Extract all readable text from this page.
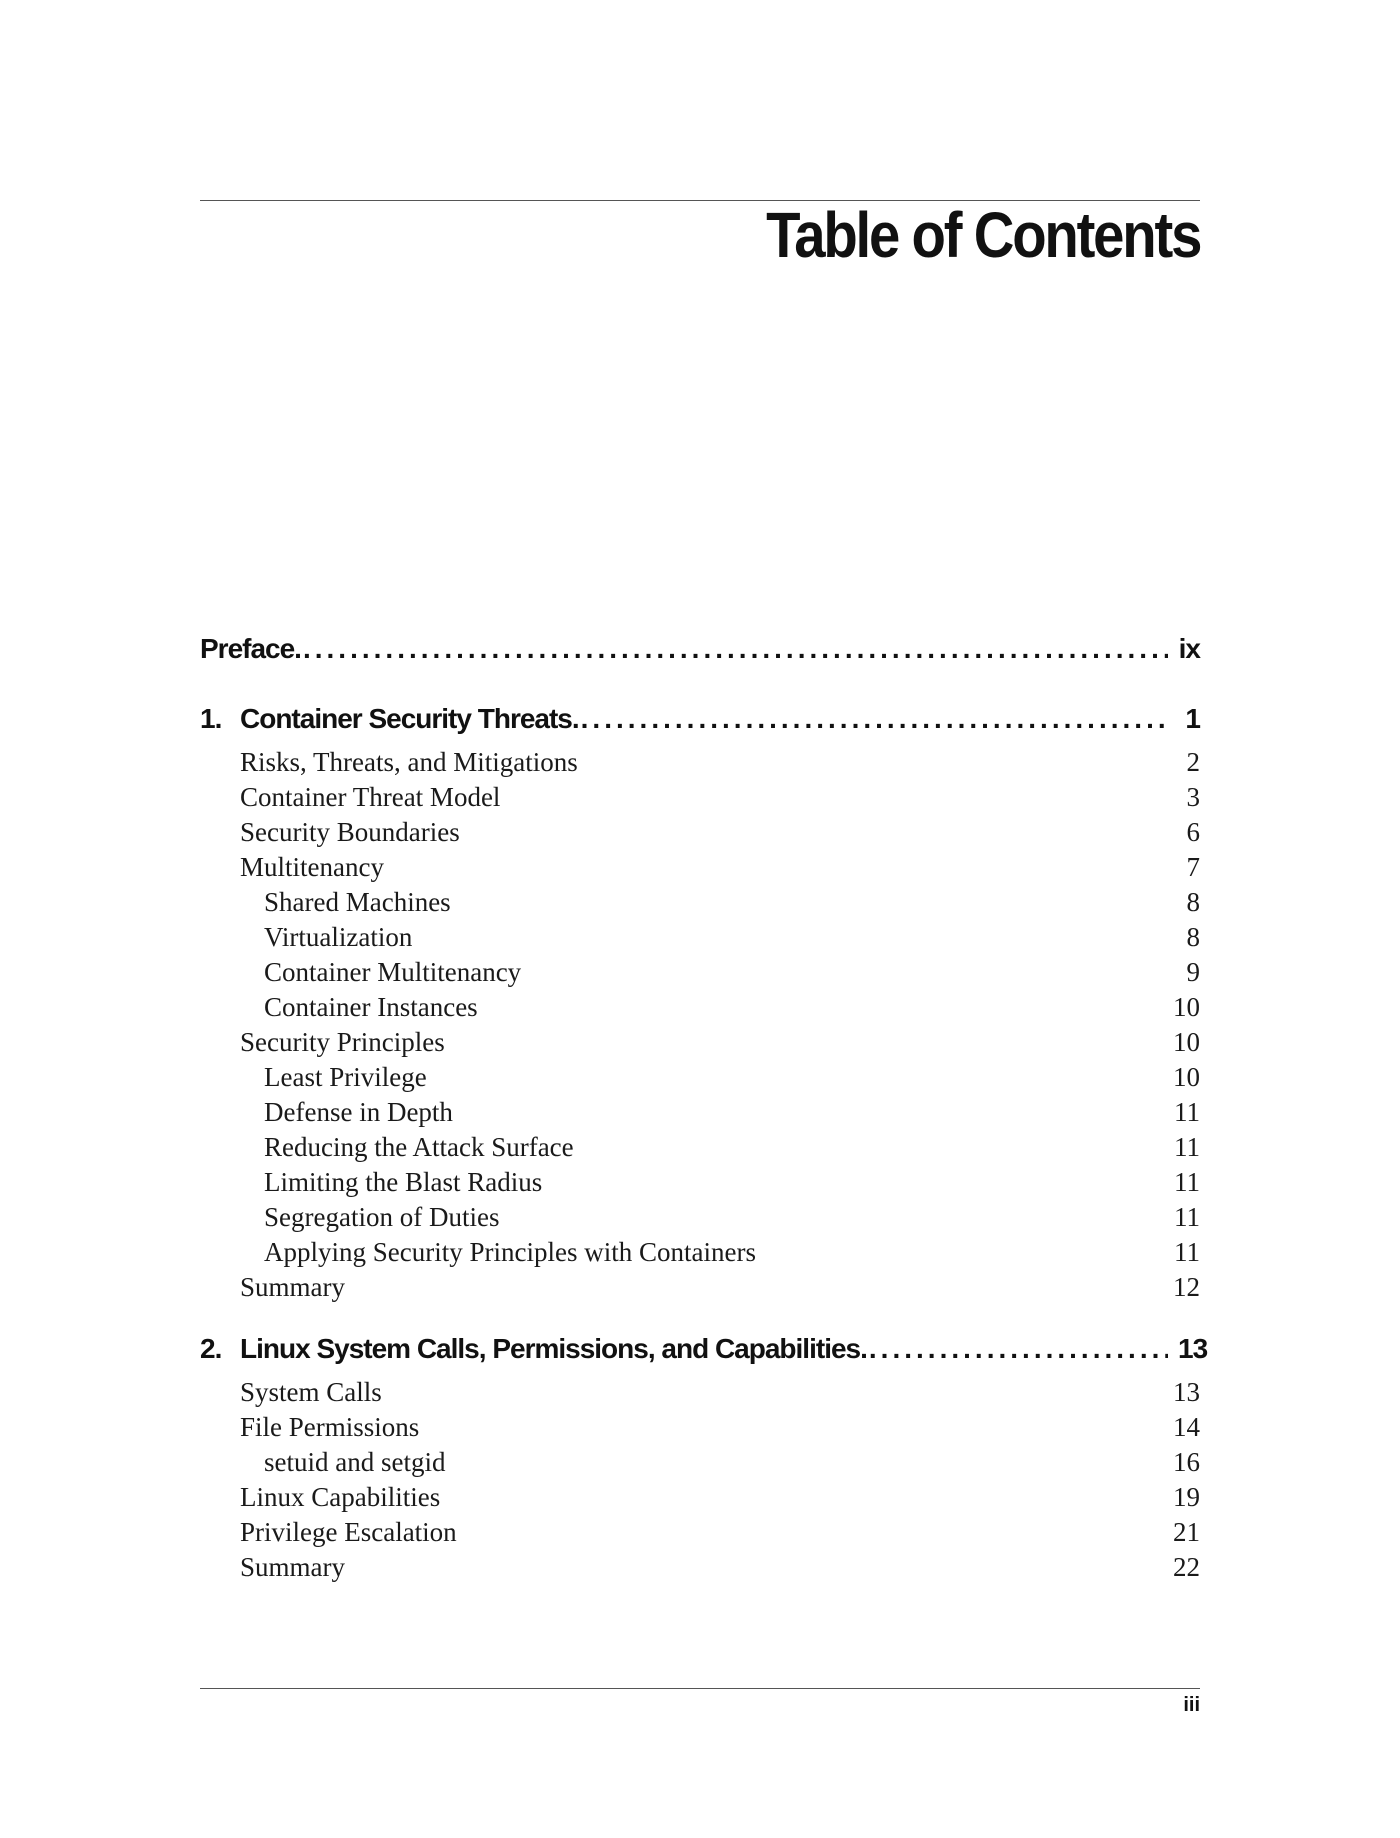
Table of Contents
Preface. .....	ix
1. Container Security Threats. .....	1
Risks, Threats, and Mitigations	2
Container Threat Model	3
Security Boundaries	6
Multitenancy	7
Shared Machines	8
Virtualization	8
Container Multitenancy	9
Container Instances	10
Security Principles	10
Least Privilege	10
Defense in Depth	11
Reducing the Attack Surface	11
Limiting the Blast Radius	11
Segregation of Duties	11
Applying Security Principles with Containers	11
Summary	12
2. Linux System Calls, Permissions, and Capabilities. .....	13
System Calls	13
File Permissions	14
setuid and setgid	16
Linux Capabilities	19
Privilege Escalation	21
Summary	22
iii
